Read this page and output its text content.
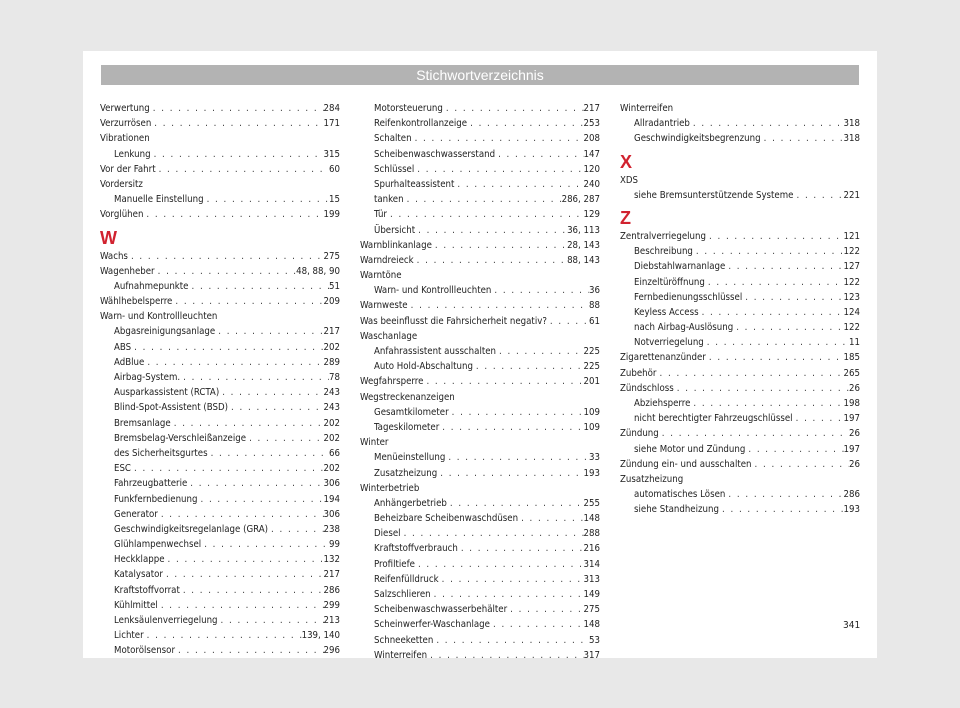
Stichwortverzeichnis
Verwertung . . .	284
Verzurrösen . . .	171
Vibrationen
Lenkung . . .	315
Vor der Fahrt . . .	60
Vordersitz
Manuelle Einstellung . . .	15
Vorglühen . . .	199
W
Wachs . . .	275
Wagenheber . . .	48, 88, 90
Aufnahmepunkte . . .	51
Wählhebelsperre . . .	209
Warn- und Kontrollleuchten
Abgasreinigungsanlage . . .	217
ABS . . .	202
AdBlue . . .	289
Airbag-System. . . .	78
Ausparkassistent (RCTA) . . .	243
Blind-Spot-Assistent (BSD) . . .	243
Bremsanlage . . .	202
Bremsbelag-Verschleißanzeige . . .	202
des Sicherheitsgurtes . . .	66
ESC . . .	202
Fahrzeugbatterie . . .	306
Funkfernbedienung . . .	194
Generator . . .	306
Geschwindigkeitsregelanlage (GRA) . . .	238
Glühlampenwechsel . . .	99
Heckklappe . . .	132
Katalysator . . .	217
Kraftstoffvorrat . . .	286
Kühlmittel . . .	299
Lenksäulenverriegelung . . .	213
Lichter . . .	139, 140
Motorölsensor . . .	296
Motorsteuerung . . .	217
Reifenkontrollanzeige . . .	253
Schalten . . .	208
Scheibenwaschwasserstand . . .	147
Schlüssel . . .	120
Spurhalteassistent . . .	240
tanken . . .	286, 287
Tür . . .	129
Übersicht . . .	36, 113
Warnblinkanlage . . .	28, 143
Warndreieck . . .	88, 143
Warntöne
Warn- und Kontrollleuchten . . .	36
Warnweste . . .	88
Was beeinflusst die Fahrsicherheit negativ? . . .	61
Waschanlage
Anfahrassistent ausschalten . . .	225
Auto Hold-Abschaltung . . .	225
Wegfahrsperre . . .	201
Wegstreckenanzeigen
Gesamtkilometer . . .	109
Tageskilometer . . .	109
Winter
Menüeinstellung . . .	33
Zusatzheizung . . .	193
Winterbetrieb
Anhängerbetrieb . . .	255
Beheizbare Scheibenwaschdüsen . . .	148
Diesel . . .	288
Kraftstoffverbrauch . . .	216
Profiltiefe . . .	314
Reifenfülldruck . . .	313
Salzschlieren . . .	149
Scheibenwaschwasserbehälter . . .	275
Scheinwerfer-Waschanlage . . .	148
Schneeketten . . .	53
Winterreifen . . .	317
Winterreifen
Allradantrieb . . .	318
Geschwindigkeitsbegrenzung . . .	318
X
XDS
siehe Bremsunterstützende Systeme . . .	221
Z
Zentralverriegelung . . .	121
Beschreibung . . .	122
Diebstahlwarnanlage . . .	127
Einzeltüröffnung . . .	122
Fernbedienungsschlüssel . . .	123
Keyless Access . . .	124
nach Airbag-Auslösung . . .	122
Notverriegelung . . .	11
Zigarettenanzünder . . .	185
Zubehör . . .	265
Zündschloss . . .	26
Abziehsperre . . .	198
nicht berechtigter Fahrzeugschlüssel . . .	197
Zündung . . .	26
siehe Motor und Zündung . . .	197
Zündung ein- und ausschalten . . .	26
Zusatzheizung
automatisches Lösen . . .	286
siehe Standheizung . . .	193
341
